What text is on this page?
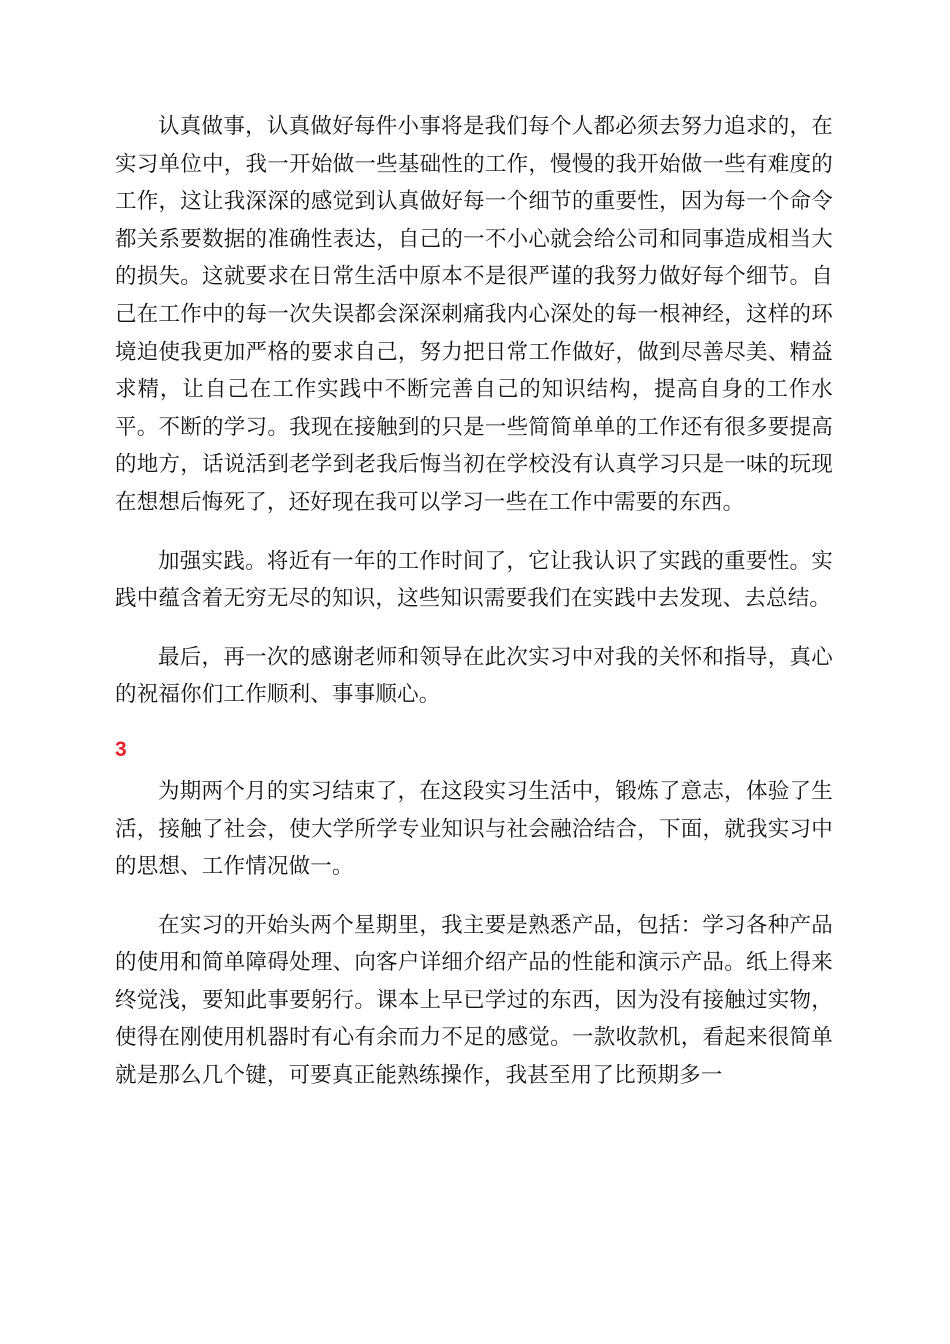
认真做事，认真做好每件小事将是我们每个人都必须去努力追求的，在实习单位中，我一开始做一些基础性的工作，慢慢的我开始做一些有难度的工作，这让我深深的感觉到认真做好每一个细节的重要性，因为每一个命令都关系要数据的准确性表达，自己的一不小心就会给公司和同事造成相当大的损失。这就要求在日常生活中原本不是很严谨的我努力做好每个细节。自己在工作中的每一次失误都会深深刺痛我内心深处的每一根神经，这样的环境迫使我更加严格的要求自己，努力把日常工作做好，做到尽善尽美、精益求精，让自己在工作实践中不断完善自己的知识结构，提高自身的工作水平。不断的学习。我现在接触到的只是一些简简单单的工作还有很多要提高的地方，话说活到老学到老我后悔当初在学校没有认真学习只是一味的玩现在想想后悔死了，还好现在我可以学习一些在工作中需要的东西。

加强实践。将近有一年的工作时间了，它让我认识了实践的重要性。实践中蕴含着无穷无尽的知识，这些知识需要我们在实践中去发现、去总结。

最后，再一次的感谢老师和领导在此次实习中对我的关怀和指导，真心的祝福你们工作顺利、事事顺心。

3

为期两个月的实习结束了，在这段实习生活中，锻炼了意志，体验了生活，接触了社会，使大学所学专业知识与社会融洽结合，下面，就我实习中的思想、工作情况做一。

在实习的开始头两个星期里，我主要是熟悉产品，包括：学习各种产品的使用和简单障碍处理、向客户详细介绍产品的性能和演示产品。纸上得来终觉浅，要知此事要躬行。课本上早已学过的东西，因为没有接触过实物，使得在刚使用机器时有心有余而力不足的感觉。一款收款机，看起来很简单就是那么几个键，可要真正能熟练操作，我甚至用了比预期多一
